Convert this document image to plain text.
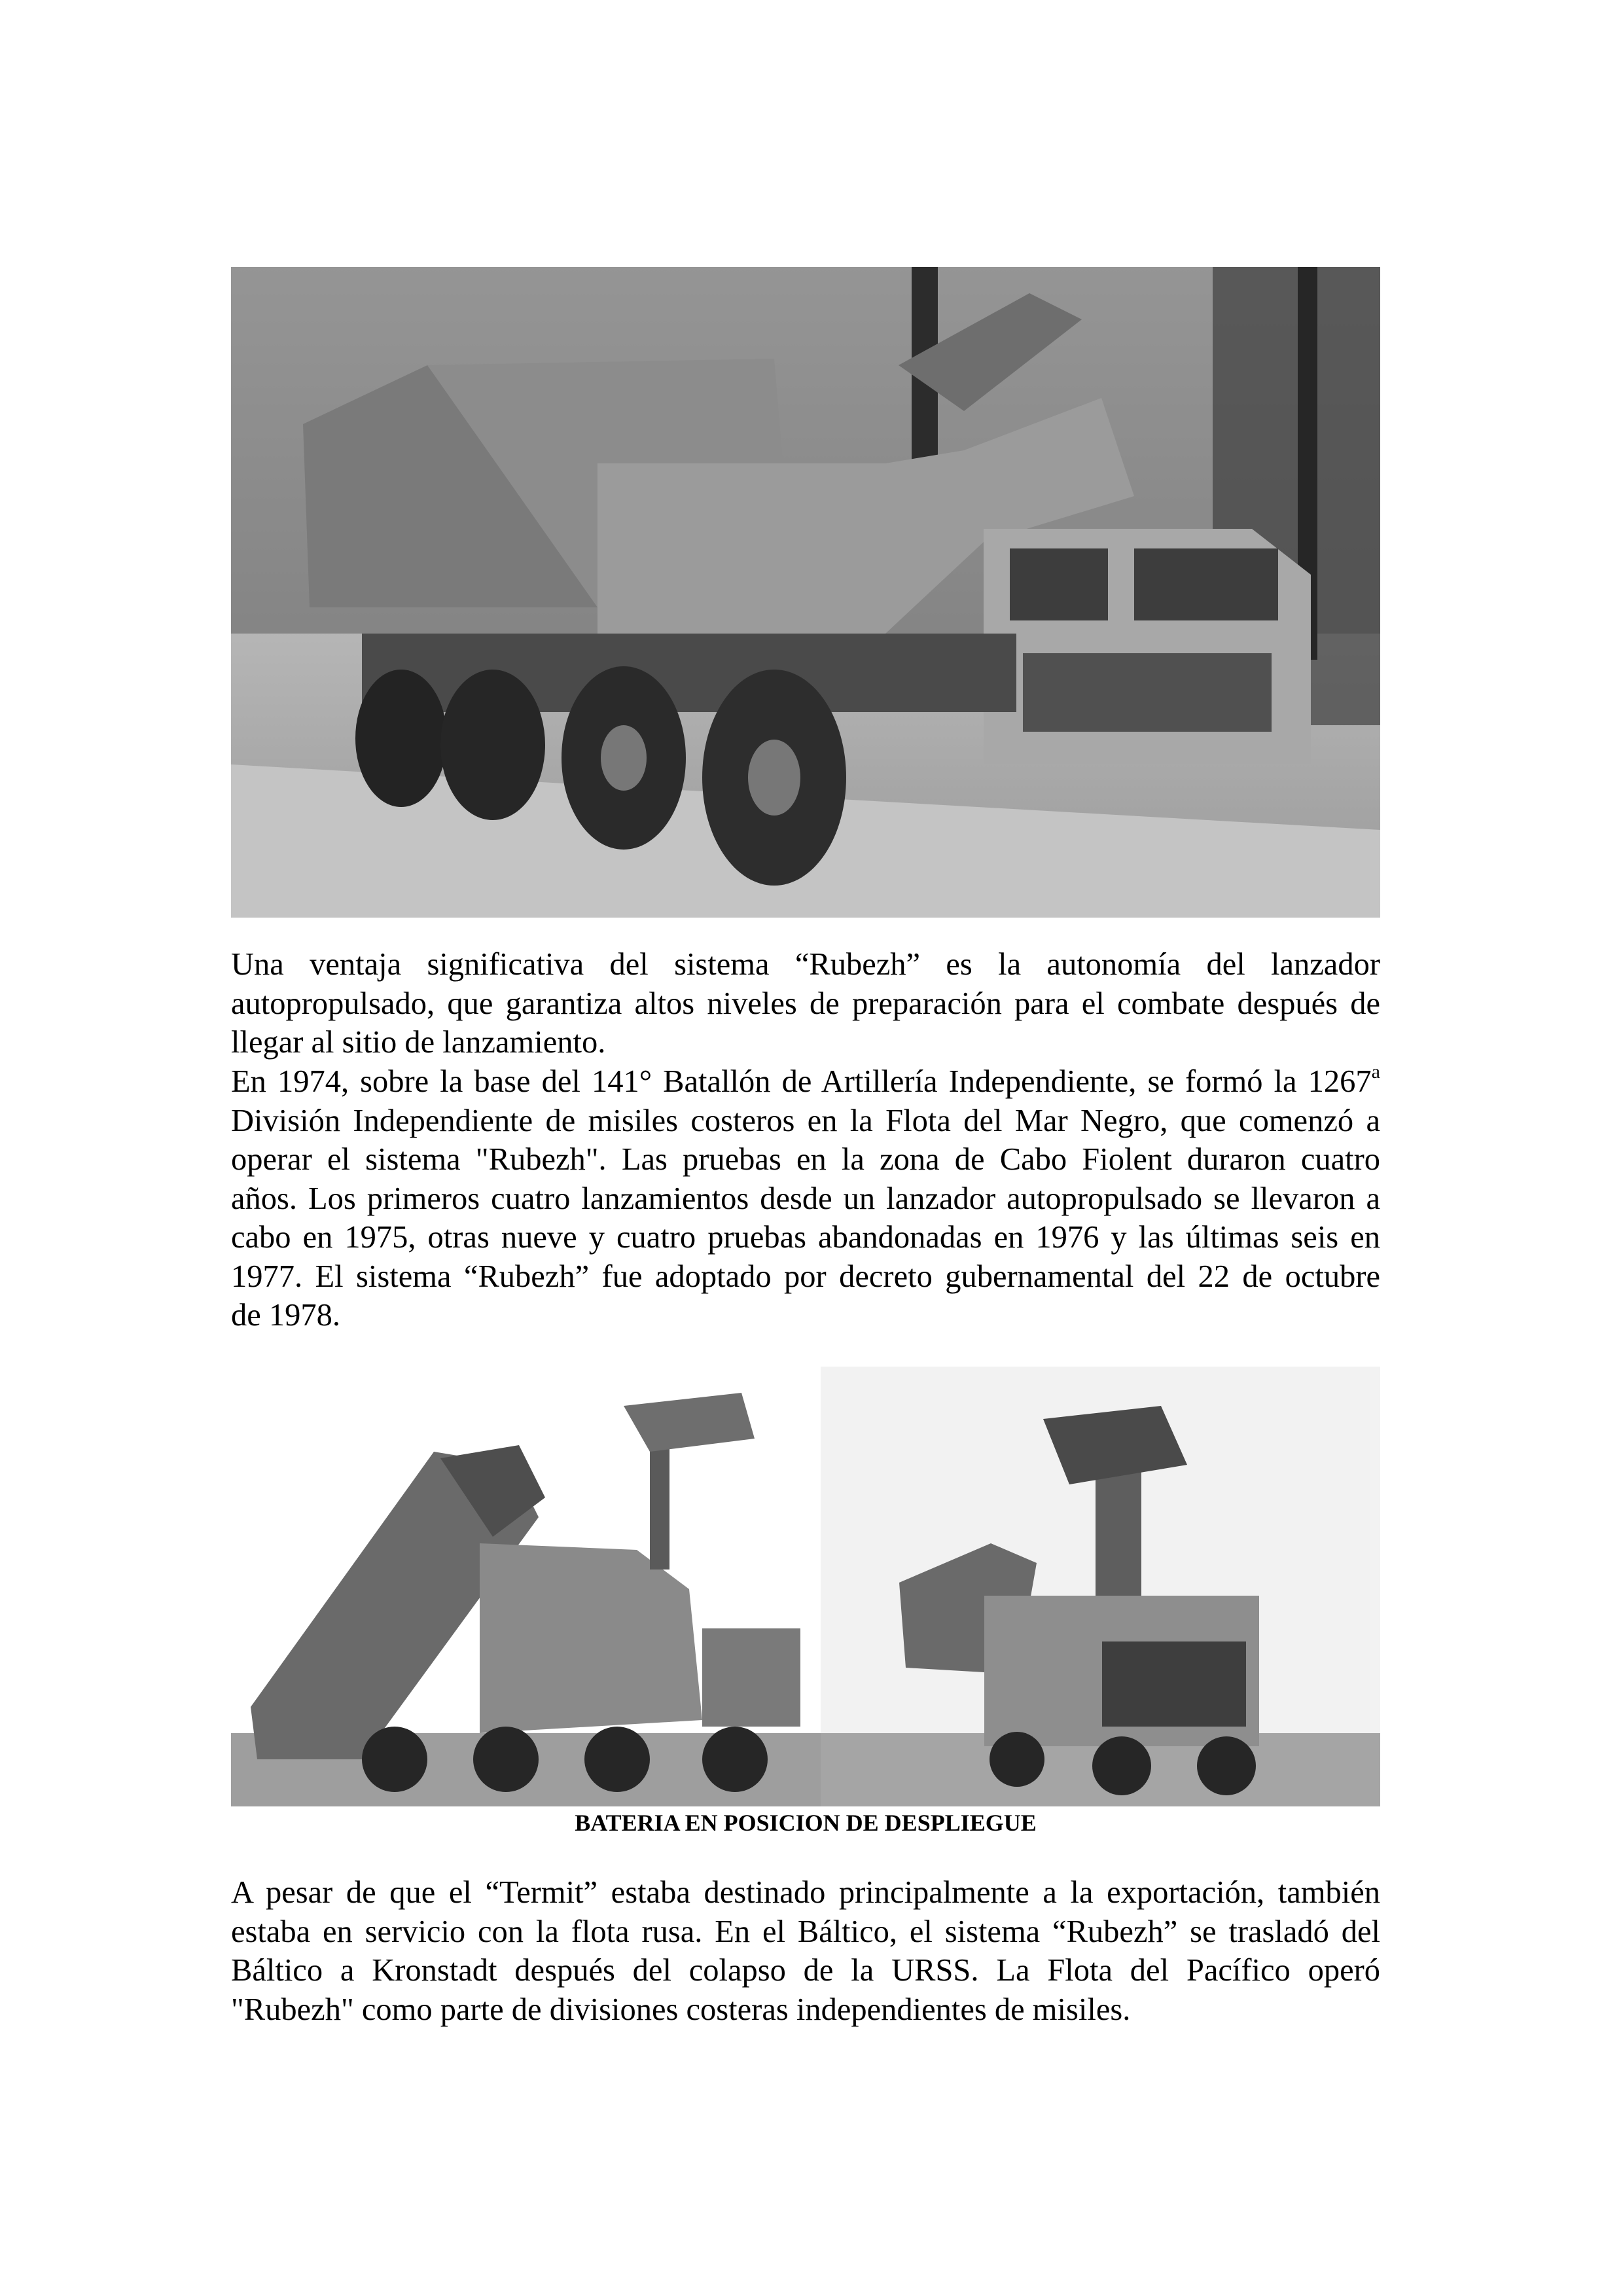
Una ventaja significativa del sistema “Rubezh” es la autonomía del lanzador
autopropulsado, que garantiza altos niveles de preparación para el combate después de
llegar al sitio de lanzamiento.

En 1974, sobre la base del 141° Batallón de Artillería Independiente, se formó la 1267$^a$
División Independiente de misiles costeros en la Flota del Mar Negro, que comenzó a
operar el sistema "Rubezh". Las pruebas en la zona de Cabo Fiolent duraron cuatro
años. Los primeros cuatro lanzamientos desde un lanzador autopropulsado se llevaron a
cabo en 1975, otras nueve y cuatro pruebas abandonadas en 1976 y las últimas seis en
1977. El sistema “Rubezh” fue adoptado por decreto gubernamental del 22 de octubre
de 1978.

BATERIA EN POSICION DE DESPLIEGUE

A pesar de que el “Termit” estaba destinado principalmente a la exportación, también
estaba en servicio con la flota rusa. En el Báltico, el sistema “Rubezh” se trasladó del
Báltico a Kronstadt después del colapso de la URSS. La Flota del Pacífico operó
"Rubezh" como parte de divisiones costeras independientes de misiles.
